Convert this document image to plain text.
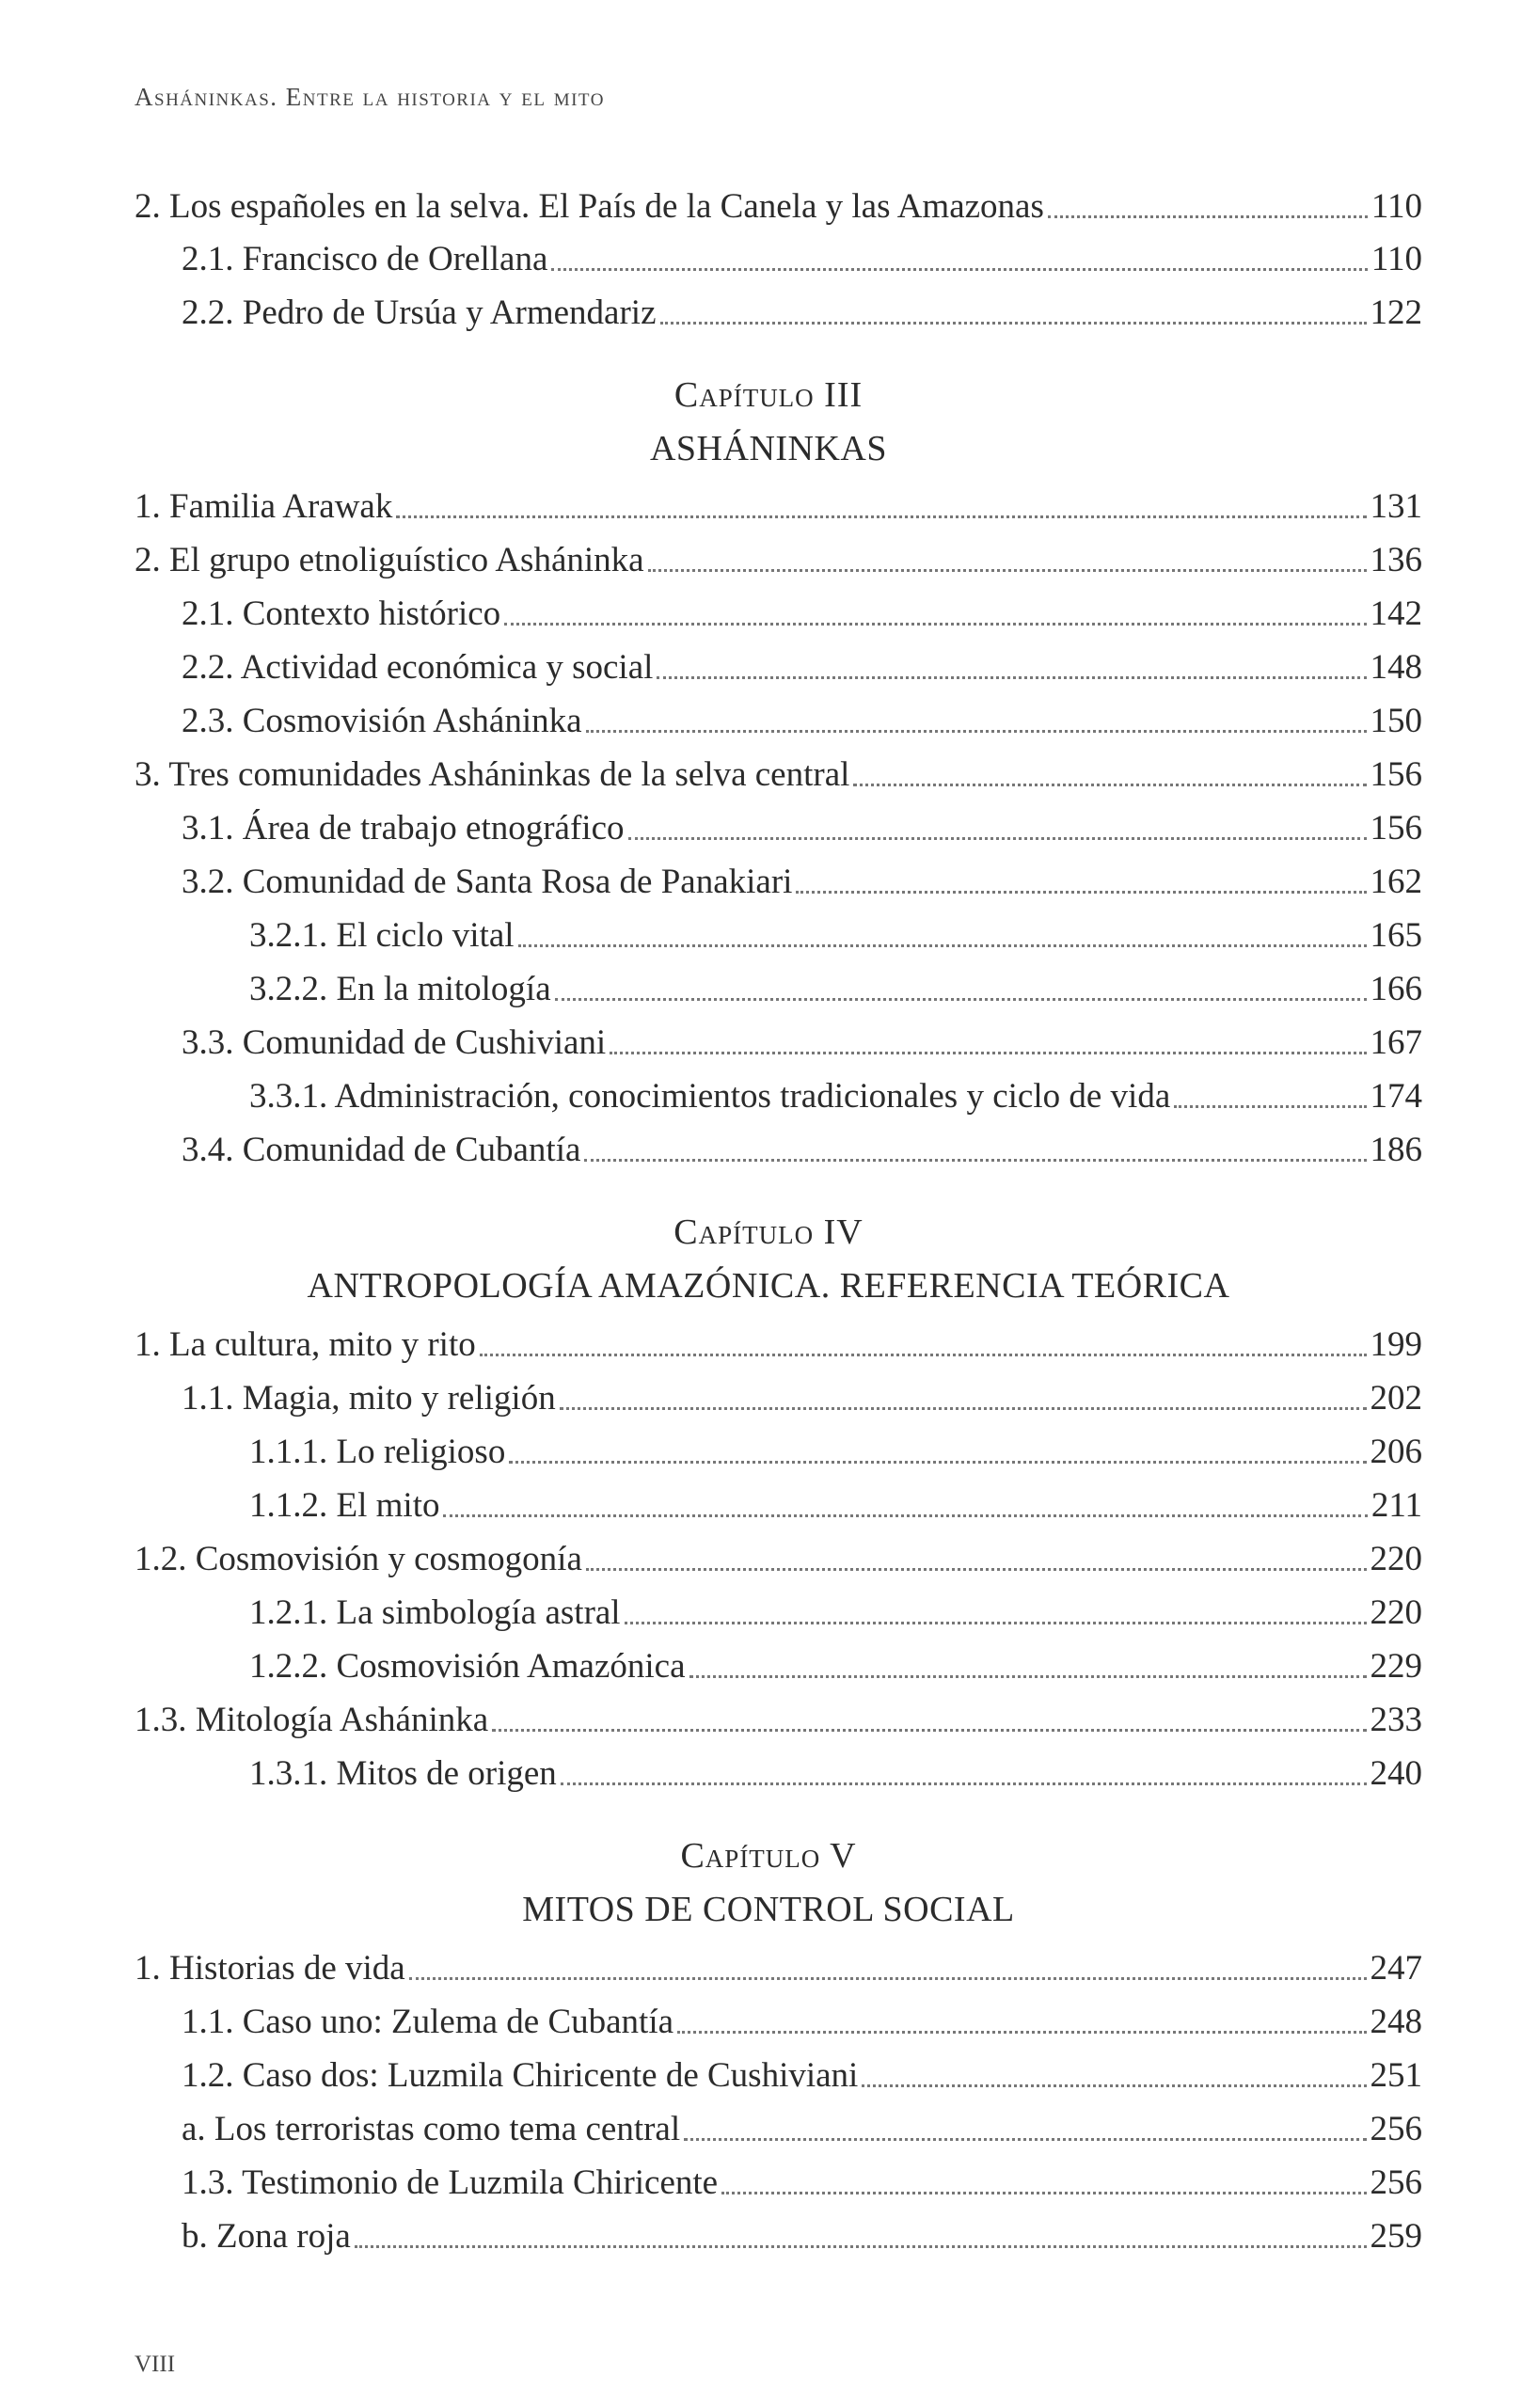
Asháninkas. Entre la historia y el mito
2. Los españoles en la selva. El País de la Canela y las Amazonas	110
2.1. Francisco de Orellana	110
2.2. Pedro de Ursúa y Armendariz	122
Capítulo III
ASHÁNINKAS
1. Familia Arawak	131
2. El grupo etnoliguístico Asháninka	136
2.1. Contexto histórico	142
2.2. Actividad económica y social	148
2.3. Cosmovisión Asháninka	150
3. Tres comunidades Asháninkas de la selva central	156
3.1. Área de trabajo etnográfico	156
3.2. Comunidad de Santa Rosa de Panakiari	162
3.2.1. El ciclo vital	165
3.2.2. En la mitología	166
3.3. Comunidad de Cushiviani	167
3.3.1. Administración, conocimientos tradicionales y ciclo de vida	174
3.4. Comunidad de Cubantía	186
Capítulo IV
ANTROPOLOGÍA AMAZÓNICA. REFERENCIA TEÓRICA
1. La cultura, mito y rito	199
1.1. Magia, mito y religión	202
1.1.1. Lo religioso	206
1.1.2. El mito	211
1.2. Cosmovisión y cosmogonía	220
1.2.1. La simbología astral	220
1.2.2. Cosmovisión Amazónica	229
1.3. Mitología Asháninka	233
1.3.1. Mitos de origen	240
Capítulo V
MITOS DE CONTROL SOCIAL
1. Historias de vida	247
1.1. Caso uno: Zulema de Cubantía	248
1.2. Caso dos: Luzmila Chiricente de Cushiviani	251
a. Los terroristas como tema central	256
1.3. Testimonio de Luzmila Chiricente	256
b. Zona roja	259
VIII
